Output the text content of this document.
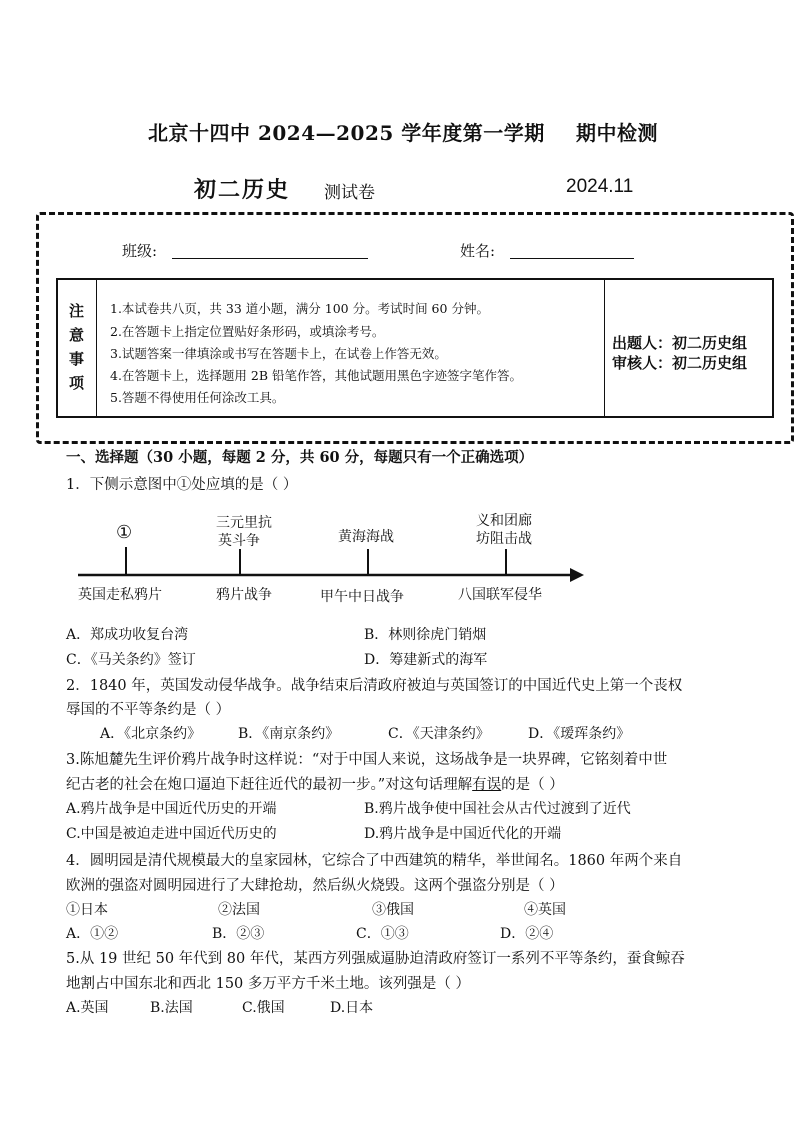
北京十四中 2024—2025 学年度第一学期 期中检测
初二历史 测试卷	2024.11
班级:	姓名:
注
意
事
项
1.本试卷共八页，共 33 道小题，满分 100 分。考试时间 60 分钟。
2.在答题卡上指定位置贴好条形码，或填涂考号。
3.试题答案一律填涂或书写在答题卡上，在试卷上作答无效。
4.在答题卡上，选择题用 2B 铅笔作答，其他试题用黑色字迹签字笔作答。
5.答题不得使用任何涂改工具。
出题人：初二历史组
审核人：初二历史组
一、选择题（30 小题，每题 2 分，共 60 分，每题只有一个正确选项）
1．下侧示意图中①处应填的是（ ）
①	三元里抗
英斗争	黄海海战
义和团廊
坊阻击战
英国走私鸦片	鸦片战争	甲午中日战争	八国联军侵华
A．郑成功收复台湾	B．林则徐虎门销烟
C．《马关条约》签订	D．筹建新式的海军
2．1840 年，英国发动侵华战争。战争结束后清政府被迫与英国签订的中国近代史上第一个丧权
辱国的不平等条约是（ ）
A．《北京条约》	B．《南京条约》	C．《天津条约》	D．《瑷珲条约》
3.陈旭麓先生评价鸦片战争时这样说：“对于中国人来说，这场战争是一块界碑，它铭刻着中世
纪古老的社会在炮口逼迫下赶往近代的最初一步。”对这句话理解有误的是（ ）
A.鸦片战争是中国近代历史的开端	B.鸦片战争使中国社会从古代过渡到了近代
C.中国是被迫走进中国近代历史的	D.鸦片战争是中国近代化的开端
4．圆明园是清代规模最大的皇家园林，它综合了中西建筑的精华，举世闻名。1860 年两个来自
欧洲的强盗对圆明园进行了大肆抢劫，然后纵火烧毁。这两个强盗分别是（ ）
①日本	②法国	③俄国	④英国
A．①②	B．②③	C．①③	D．②④
5.从 19 世纪 50 年代到 80 年代，某西方列强威逼胁迫清政府签订一系列不平等条约，蚕食鲸吞
地割占中国东北和西北 150 多万平方千米土地。该列强是（ ）
A.英国	B.法国	C.俄国	D.日本
